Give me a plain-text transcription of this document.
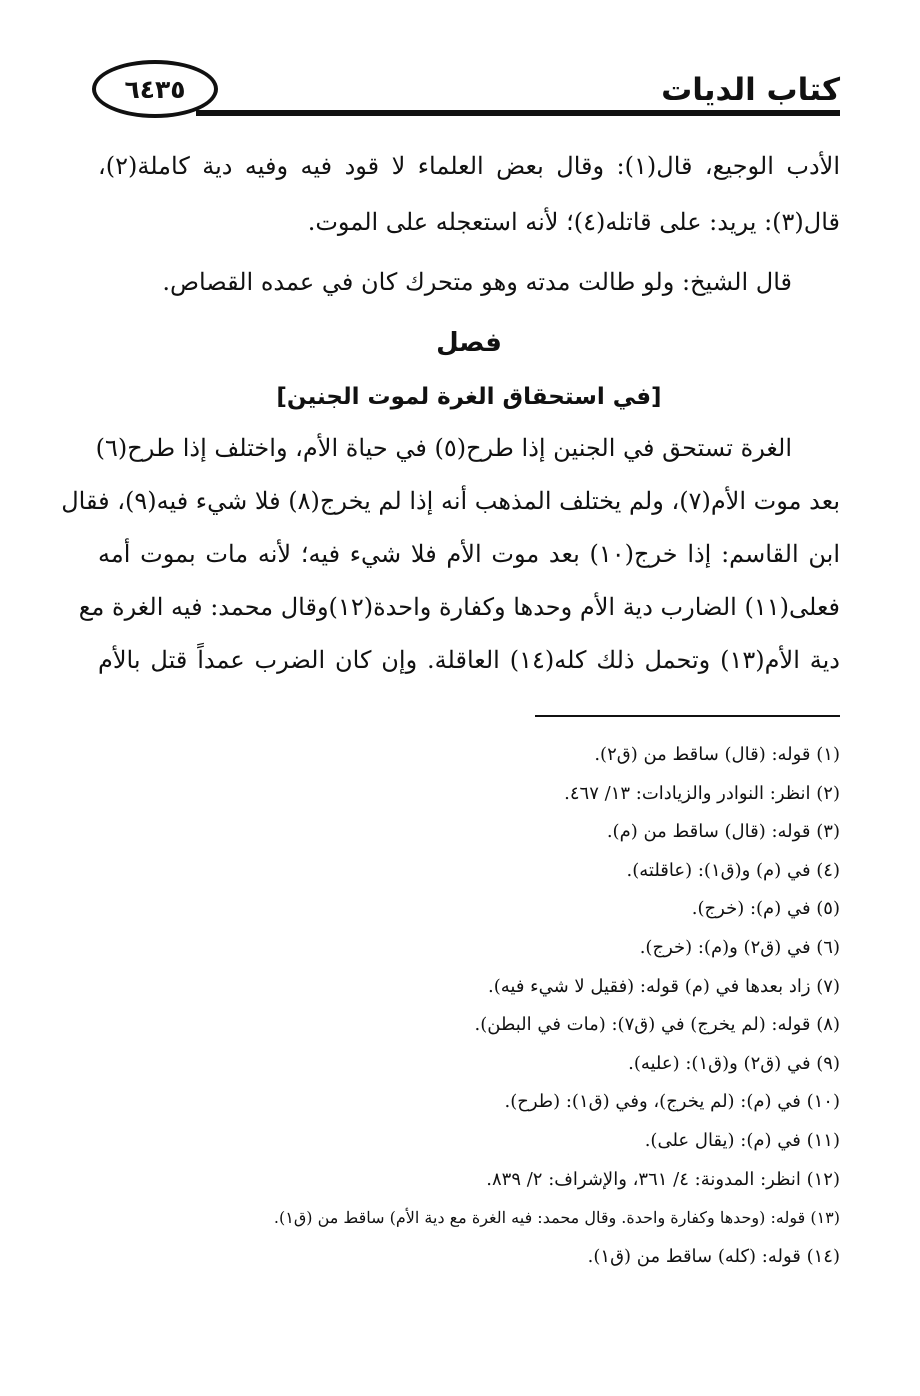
كتاب الديات
٦٤٣٥
الأدب الوجيع، قال(١): وقال بعض العلماء لا قود فيه وفيه دية كاملة(٢)،
قال(٣): يريد: على قاتله(٤)؛ لأنه استعجله على الموت.
قال الشيخ: ولو طالت مدته وهو متحرك كان في عمده القصاص.
فصل
[في استحقاق الغرة لموت الجنين]
الغرة تستحق في الجنين إذا طرح(٥) في حياة الأم، واختلف إذا طرح(٦)
بعد موت الأم(٧)، ولم يختلف المذهب أنه إذا لم يخرج(٨) فلا شيء فيه(٩)، فقال
ابن القاسم: إذا خرج(١٠) بعد موت الأم فلا شيء فيه؛ لأنه مات بموت أمه
فعلى(١١) الضارب دية الأم وحدها وكفارة واحدة(١٢)وقال محمد: فيه الغرة مع
دية الأم(١٣) وتحمل ذلك كله(١٤) العاقلة. وإن كان الضرب عمداً قتل بالأم
(١) قوله: (قال) ساقط من (ق٢).
(٢) انظر: النوادر والزيادات: ١٣/ ٤٦٧.
(٣) قوله: (قال) ساقط من (م).
(٤) في (م) و(ق١): (عاقلته).
(٥) في (م): (خرج).
(٦) في (ق٢) و(م): (خرج).
(٧) زاد بعدها في (م) قوله: (فقيل لا شيء فيه).
(٨) قوله: (لم يخرج) في (ق٧): (مات في البطن).
(٩) في (ق٢) و(ق١): (عليه).
(١٠) في (م): (لم يخرج)، وفي (ق١): (طرح).
(١١) في (م): (يقال على).
(١٢) انظر: المدونة: ٤/ ٣٦١، والإشراف: ٢/ ٨٣٩.
(١٣) قوله: (وحدها وكفارة واحدة. وقال محمد: فيه الغرة مع دية الأم) ساقط من (ق١).
(١٤) قوله: (كله) ساقط من (ق١).
